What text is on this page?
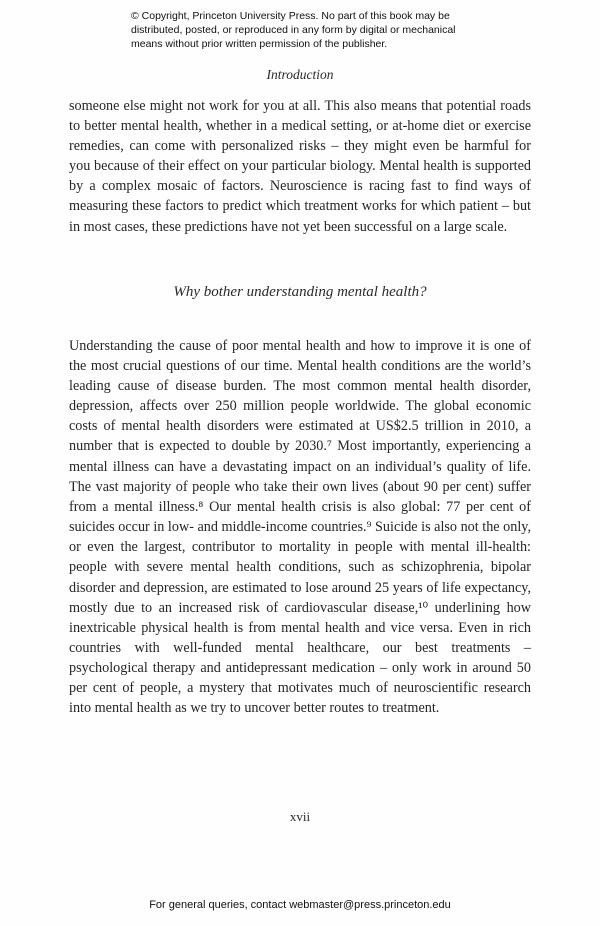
© Copyright, Princeton University Press. No part of this book may be distributed, posted, or reproduced in any form by digital or mechanical means without prior written permission of the publisher.
Introduction

someone else might not work for you at all. This also means that potential roads to better mental health, whether in a medical setting, or at-home diet or exercise remedies, can come with personalized risks – they might even be harmful for you because of their effect on your particular biology. Mental health is supported by a complex mosaic of factors. Neuroscience is racing fast to find ways of measuring these factors to predict which treatment works for which patient – but in most cases, these predictions have not yet been successful on a large scale.

Why bother understanding mental health?

Understanding the cause of poor mental health and how to improve it is one of the most crucial questions of our time. Mental health conditions are the world’s leading cause of disease burden. The most common mental health disorder, depression, affects over 250 million people worldwide. The global economic costs of mental health disorders were estimated at US$2.5 trillion in 2010, a number that is expected to double by 2030.⁷ Most importantly, experiencing a mental illness can have a devastating impact on an individual’s quality of life. The vast majority of people who take their own lives (about 90 per cent) suffer from a mental illness.⁸ Our mental health crisis is also global: 77 per cent of suicides occur in low- and middle-income countries.⁹ Suicide is also not the only, or even the largest, contributor to mortality in people with mental ill-health: people with severe mental health conditions, such as schizophrenia, bipolar disorder and depression, are estimated to lose around 25 years of life expectancy, mostly due to an increased risk of cardiovascular disease,¹⁰ underlining how inextricable physical health is from mental health and vice versa. Even in rich countries with well-funded mental healthcare, our best treatments – psychological therapy and antidepressant medication – only work in around 50 per cent of people, a mystery that motivates much of neuroscientific research into mental health as we try to uncover better routes to treatment.

xvii
For general queries, contact webmaster@press.princeton.edu
